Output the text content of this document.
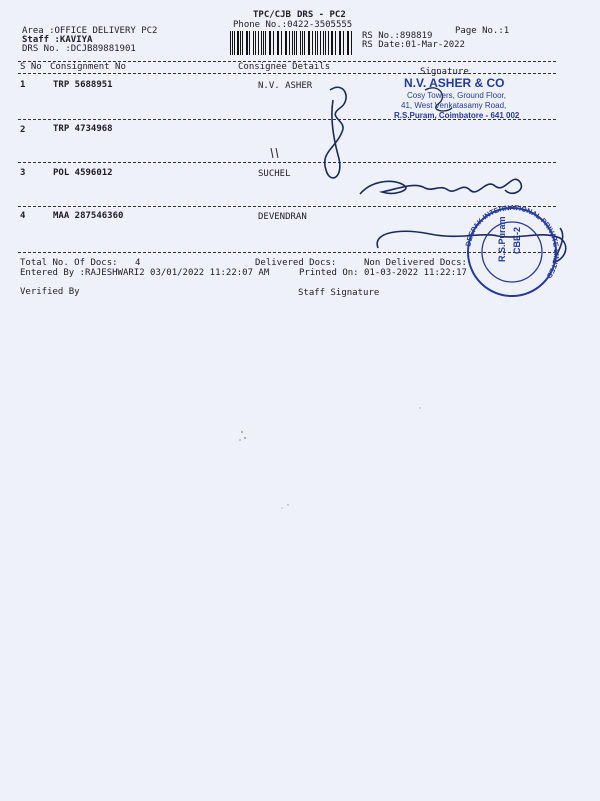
TPC/CJB DRS - PC2
Phone No.:0422-3505555
Area :OFFICE DELIVERY PC2
Staff :KAVIYA
DRS No. :DCJB89881901
RS No.:898819
RS Date:01-Mar-2022
Page No.:1
S No Consignment No	Consignee Details	Signature
1	TRP 5688951	N.V. ASHER
2	TRP 4734968
3	POL 4596012	SUCHEL
4	MAA 287546360	DEVENDRAN
Total No. Of Docs: 4	Delivered Docs:	Non Delivered Docs:
Entered By :RAJESHWARI2 03/01/2022 11:22:07 AM	Printed On: 01-03-2022 11:22:17
Verified By	Staff Signature
N.V. ASHER & CO
Cosy Towers, Ground Floor,
41, West Venkatasamy Road,
R.S.Puram, Coimbatore - 641 002
R.S.Puram CBE-2
DEEPAK INTERNATIONAL PRIVATE LIMITED
